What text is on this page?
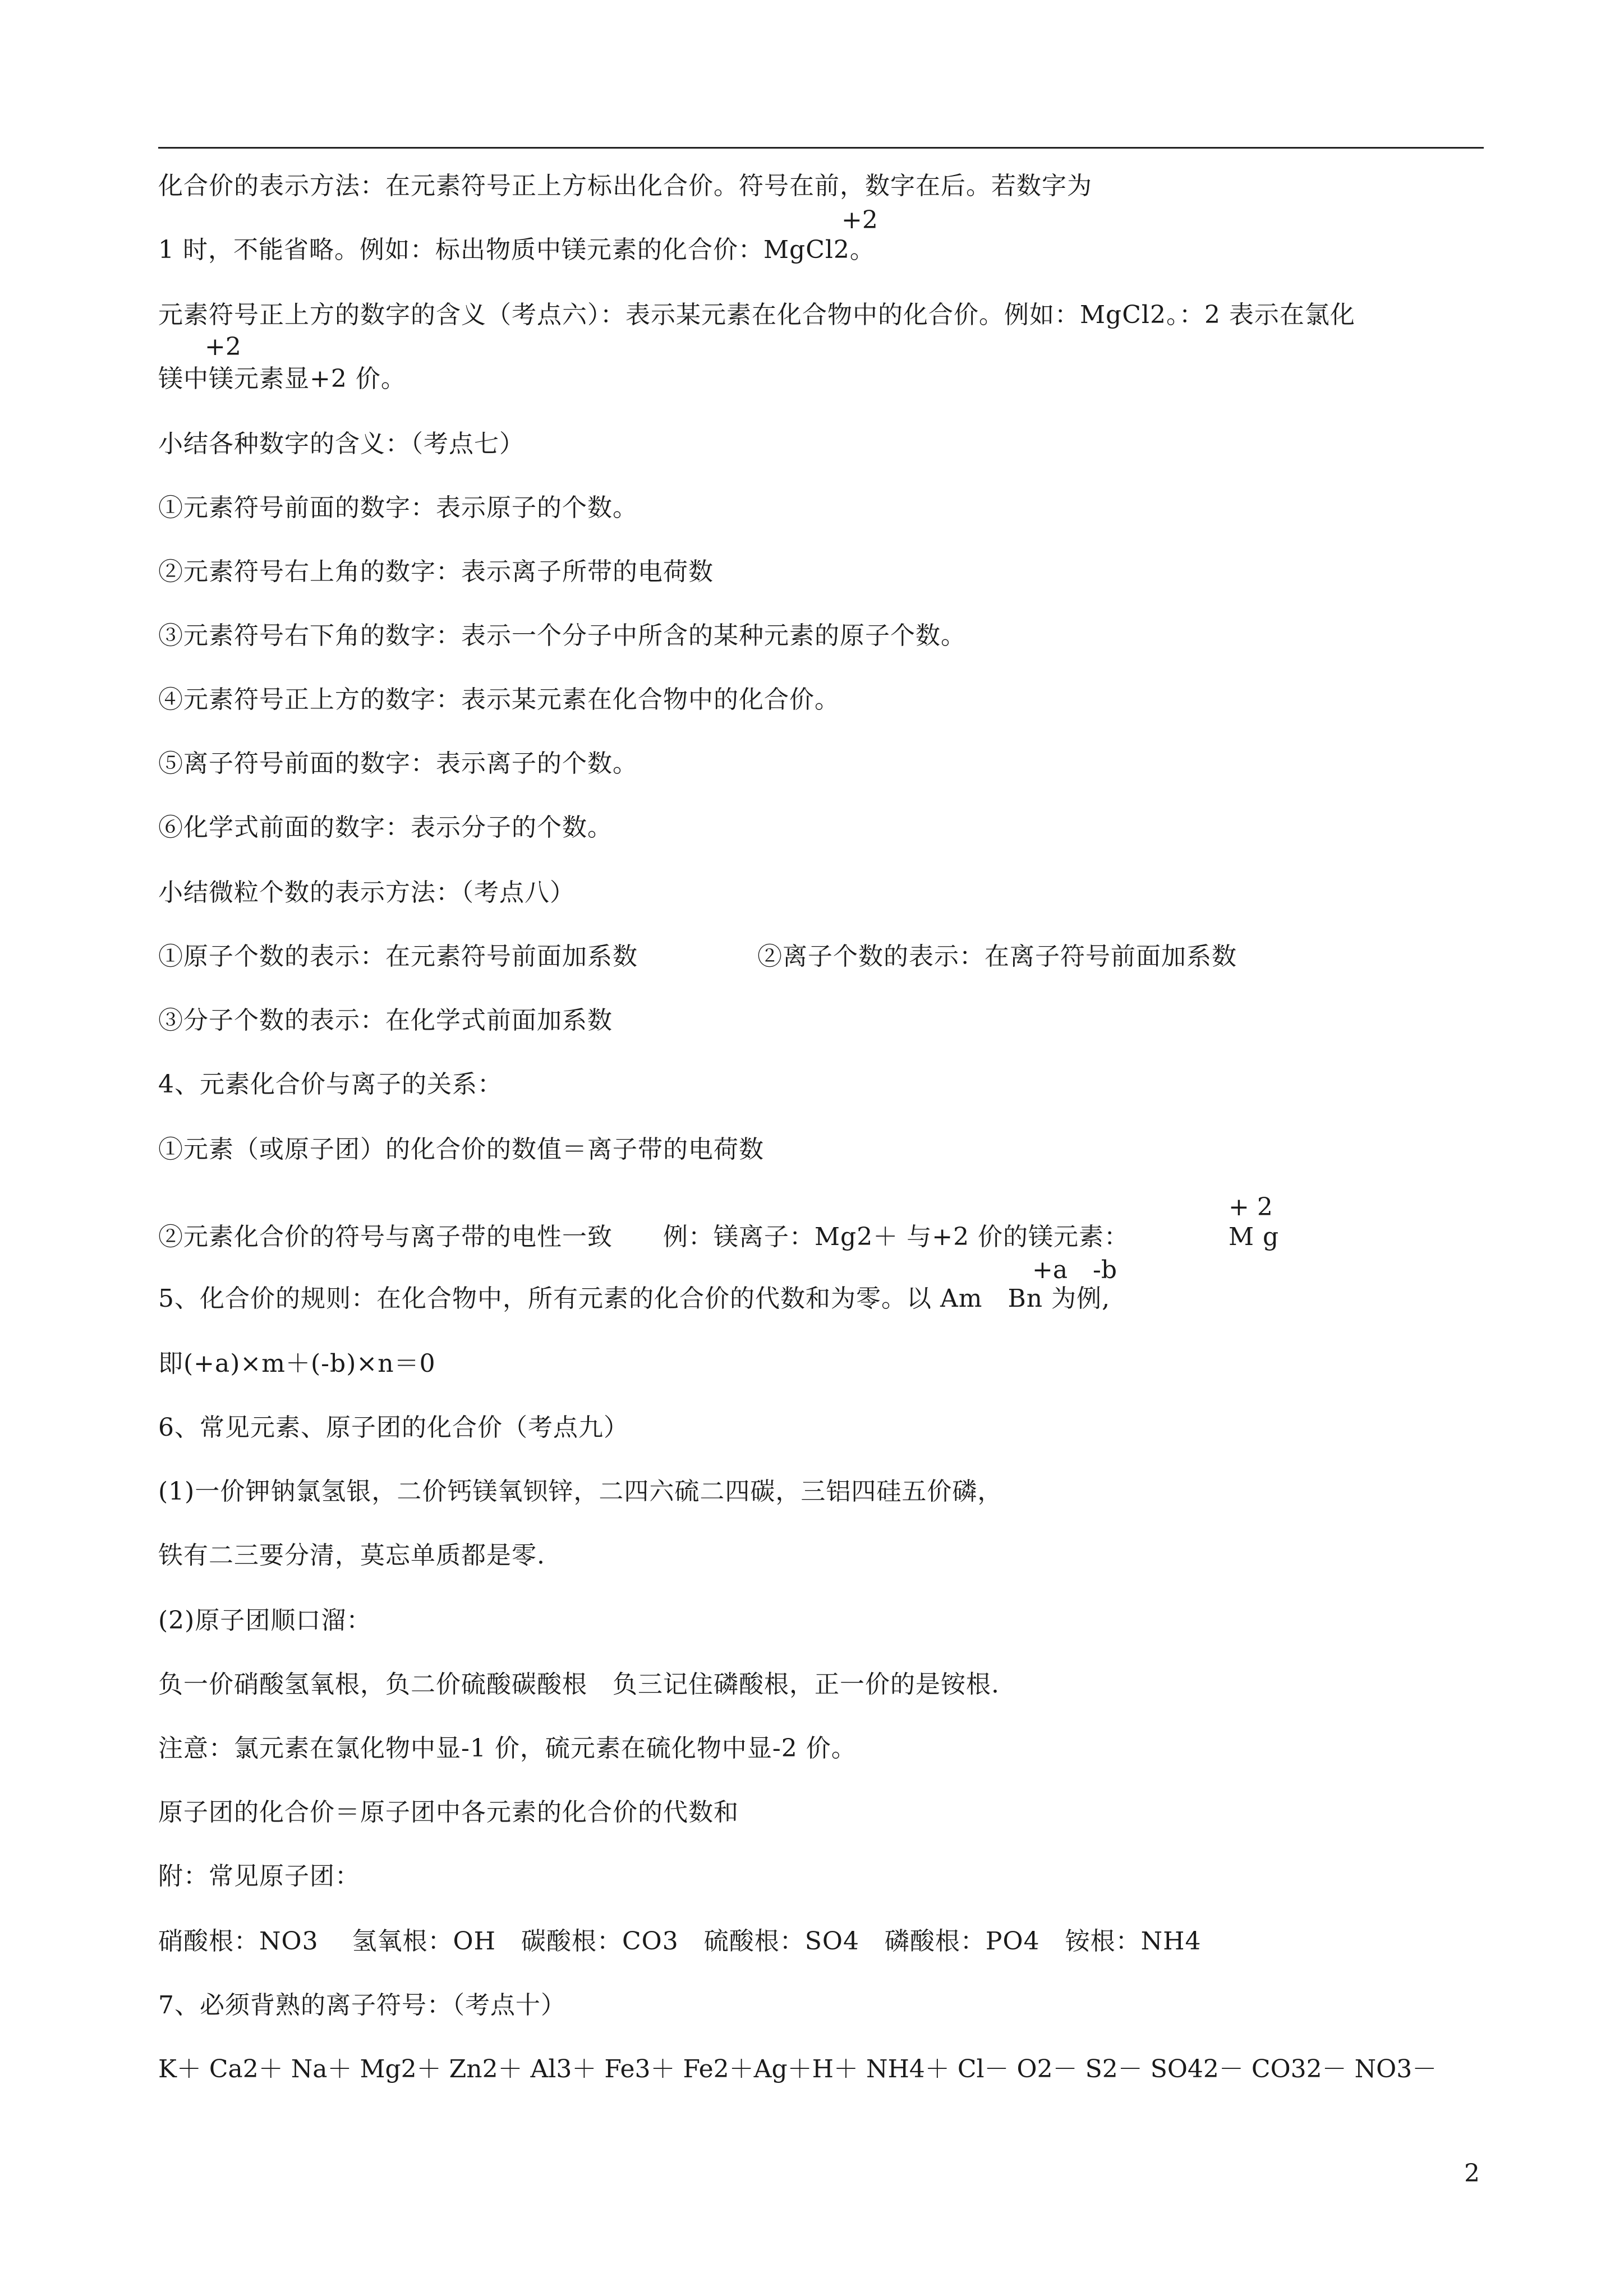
化合价的表示方法：在元素符号正上方标出化合价。符号在前，数字在后。若数字为
+2
1 时，不能省略。例如：标出物质中镁元素的化合价：MgCl2。
元素符号正上方的数字的含义（考点六）：表示某元素在化合物中的化合价。例如：MgCl2。：2 表示在氯化
+2
镁中镁元素显+2 价。
小结各种数字的含义：（考点七）
①元素符号前面的数字：表示原子的个数。
②元素符号右上角的数字：表示离子所带的电荷数
③元素符号右下角的数字：表示一个分子中所含的某种元素的原子个数。
④元素符号正上方的数字：表示某元素在化合物中的化合价。
⑤离子符号前面的数字：表示离子的个数。
⑥化学式前面的数字：表示分子的个数。
小结微粒个数的表示方法：（考点八）
①原子个数的表示：在元素符号前面加系数	②离子个数的表示：在离子符号前面加系数
③分子个数的表示：在化学式前面加系数
4、元素化合价与离子的关系：
①元素（或原子团）的化合价的数值＝离子带的电荷数
+ 2
②元素化合价的符号与离子带的电性一致　　例：镁离子：Mg2＋ 与+2 价的镁元素：	M g
+a -b
5、化合价的规则：在化合物中，所有元素的化合价的代数和为零。以 Am　Bn 为例,
即(+a)×m＋(-b)×n＝0
6、常见元素、原子团的化合价（考点九）
(1)一价钾钠氯氢银，二价钙镁氧钡锌，二四六硫二四碳，三铝四硅五价磷，
铁有二三要分清，莫忘单质都是零.
(2)原子团顺口溜：
负一价硝酸氢氧根，负二价硫酸碳酸根　负三记住磷酸根，正一价的是铵根.
注意：氯元素在氯化物中显-1 价，硫元素在硫化物中显-2 价。
原子团的化合价＝原子团中各元素的化合价的代数和
附：常见原子团：
硝酸根：NO3　 氢氧根：OH　碳酸根：CO3　硫酸根：SO4　磷酸根：PO4　铵根：NH4
7、必须背熟的离子符号：（考点十）
K＋ Ca2＋ Na＋ Mg2＋ Zn2＋ Al3＋ Fe3＋ Fe2＋Ag＋H＋ NH4＋ Cl－ O2－ S2－ SO42－ CO32－ NO3－
2
